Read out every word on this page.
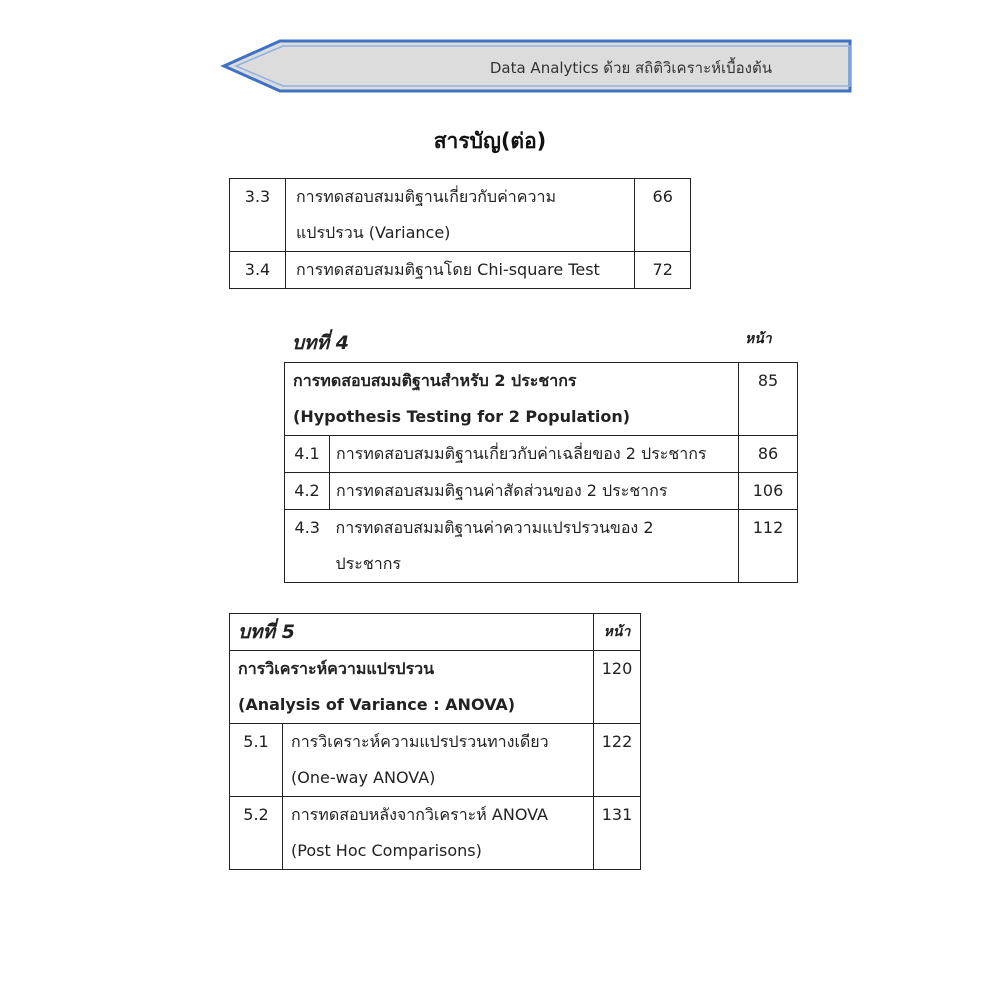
Data Analytics ด้วย สถิติวิเคราะห์เบื้องต้น
สารบัญ(ต่อ)
3.3	การทดสอบสมมติฐานเกี่ยวกับค่าความ
แปรปรวน (Variance)	66
3.4	การทดสอบสมมติฐานโดย Chi-square Test	72
บทที่ 4	หน้า
การทดสอบสมมติฐานสำหรับ 2 ประชากร
(Hypothesis Testing for 2 Population)		85
4.1	การทดสอบสมมติฐานเกี่ยวกับค่าเฉลี่ยของ 2 ประชากร	86
4.2	การทดสอบสมมติฐานค่าสัดส่วนของ 2 ประชากร	106
4.3	การทดสอบสมมติฐานค่าความแปรปรวนของ 2
ประชากร	112
บทที่ 5		หน้า

การวิเคราะห์ความแปรปรวน
(Analysis of Variance : ANOVA)		120
5.1	การวิเคราะห์ความแปรปรวนทางเดียว
(One-way ANOVA)	122
5.2	การทดสอบหลังจากวิเคราะห์ ANOVA
(Post Hoc Comparisons)	131
